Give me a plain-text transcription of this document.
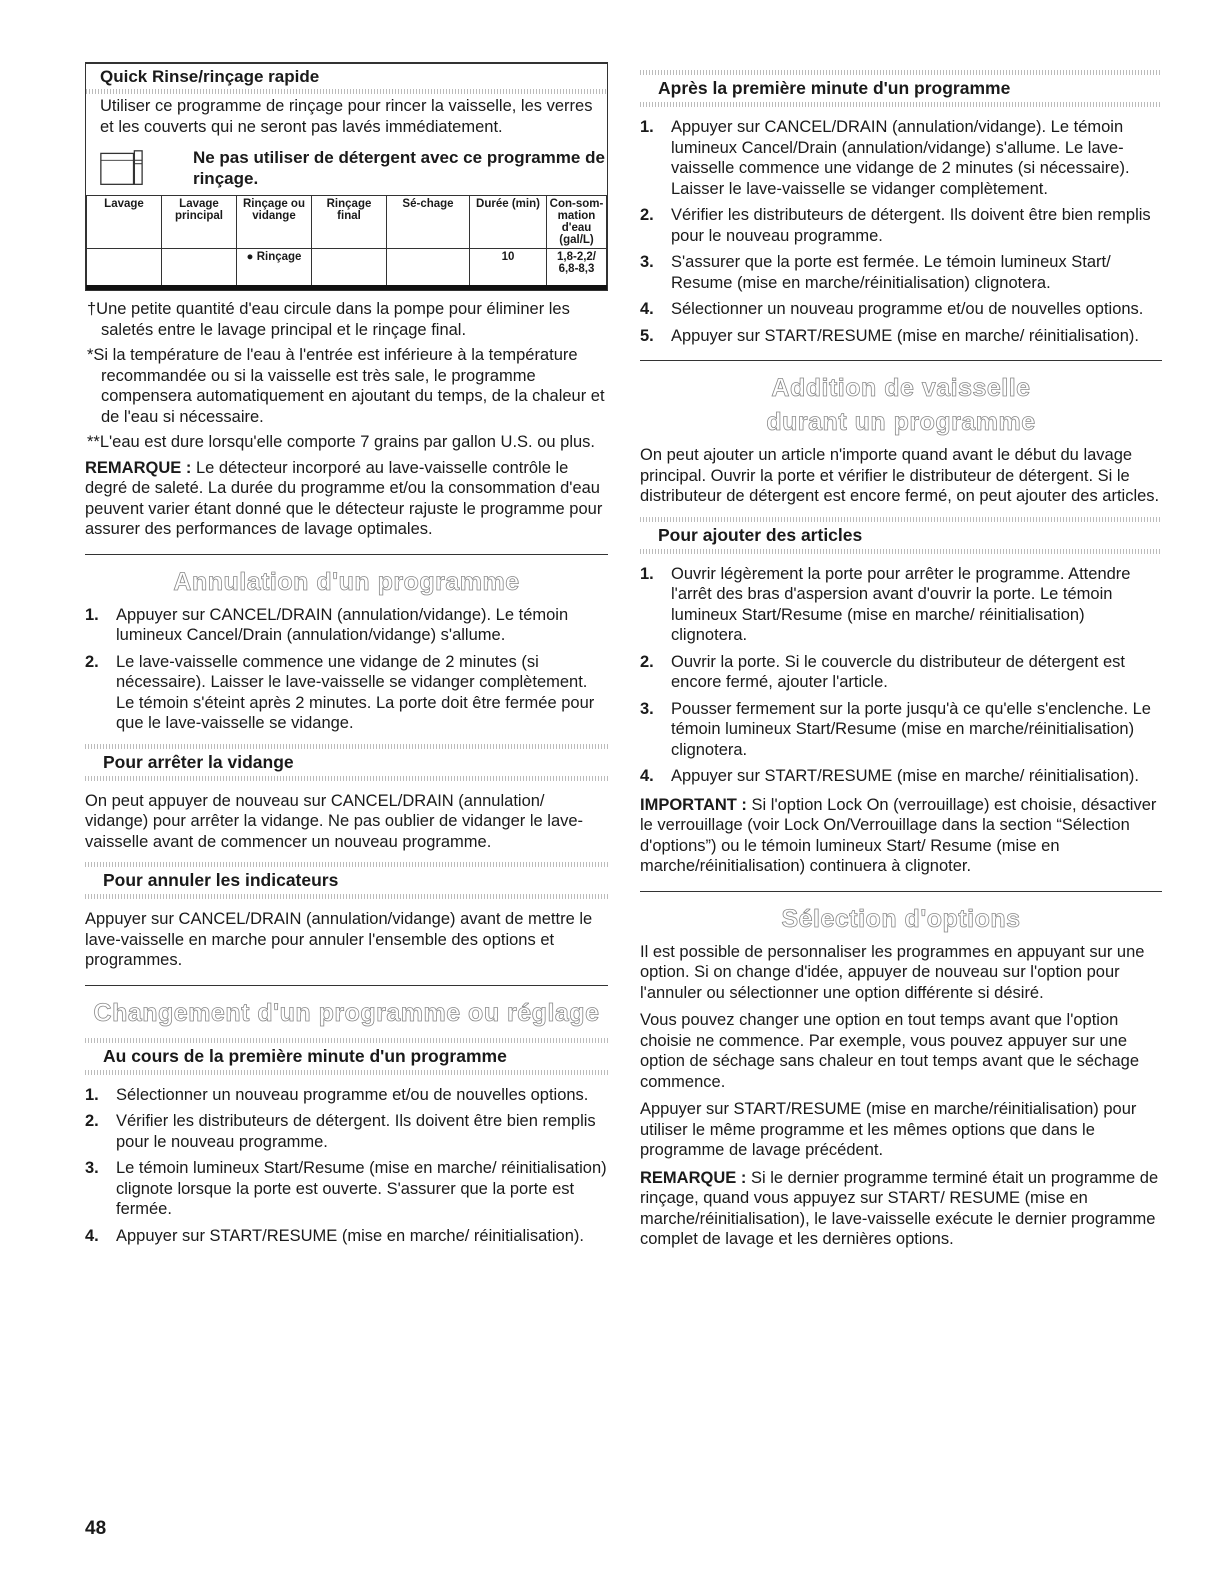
Quick Rinse/rinçage rapide
Utiliser ce programme de rinçage pour rincer la vaisselle, les verres et les couverts qui ne seront pas lavés immédiatement.
Ne pas utiliser de détergent avec ce programme de rinçage.
Lavage	Lavage principal	Rinçage ou vidange	Rinçage final	Sé-chage	Durée (min)	Con-som-mation d'eau (gal/L)
		● Rinçage			10	1,8-2,2/ 6,8-8,3

†Une petite quantité d'eau circule dans la pompe pour éliminer les saletés entre le lavage principal et le rinçage final.

*Si la température de l'eau à l'entrée est inférieure à la température recommandée ou si la vaisselle est très sale, le programme compensera automatiquement en ajoutant du temps, de la chaleur et de l'eau si nécessaire.

**L'eau est dure lorsqu'elle comporte 7 grains par gallon U.S. ou plus.

REMARQUE : Le détecteur incorporé au lave-vaisselle contrôle le degré de saleté. La durée du programme et/ou la consommation d'eau peuvent varier étant donné que le détecteur rajuste le programme pour assurer des performances de lavage optimales.

Annulation d'un programme
1. Appuyer sur CANCEL/DRAIN (annulation/vidange). Le témoin lumineux Cancel/Drain (annulation/vidange) s'allume.
2. Le lave-vaisselle commence une vidange de 2 minutes (si nécessaire). Laisser le lave-vaisselle se vidanger complètement. Le témoin s'éteint après 2 minutes. La porte doit être fermée pour que le lave-vaisselle se vidange.
Pour arrêter la vidange

On peut appuyer de nouveau sur CANCEL/DRAIN (annulation/ vidange) pour arrêter la vidange. Ne pas oublier de vidanger le lave-vaisselle avant de commencer un nouveau programme.

Pour annuler les indicateurs

Appuyer sur CANCEL/DRAIN (annulation/vidange) avant de mettre le lave-vaisselle en marche pour annuler l'ensemble des options et programmes.

Changement d'un programme ou réglage
Au cours de la première minute d'un programme
1. Sélectionner un nouveau programme et/ou de nouvelles options.
2. Vérifier les distributeurs de détergent. Ils doivent être bien remplis pour le nouveau programme.
3. Le témoin lumineux Start/Resume (mise en marche/ réinitialisation) clignote lorsque la porte est ouverte. S'assurer que la porte est fermée.
4. Appuyer sur START/RESUME (mise en marche/ réinitialisation).
Après la première minute d'un programme
1. Appuyer sur CANCEL/DRAIN (annulation/vidange). Le témoin lumineux Cancel/Drain (annulation/vidange) s'allume. Le lave-vaisselle commence une vidange de 2 minutes (si nécessaire). Laisser le lave-vaisselle se vidanger complètement.
2. Vérifier les distributeurs de détergent. Ils doivent être bien remplis pour le nouveau programme.
3. S'assurer que la porte est fermée. Le témoin lumineux Start/ Resume (mise en marche/réinitialisation) clignotera.
4. Sélectionner un nouveau programme et/ou de nouvelles options.
5. Appuyer sur START/RESUME (mise en marche/ réinitialisation).
Addition de vaisselle
durant un programme

On peut ajouter un article n'importe quand avant le début du lavage principal. Ouvrir la porte et vérifier le distributeur de détergent. Si le distributeur de détergent est encore fermé, on peut ajouter des articles.

Pour ajouter des articles
1. Ouvrir légèrement la porte pour arrêter le programme. Attendre l'arrêt des bras d'aspersion avant d'ouvrir la porte. Le témoin lumineux Start/Resume (mise en marche/ réinitialisation) clignotera.
2. Ouvrir la porte. Si le couvercle du distributeur de détergent est encore fermé, ajouter l'article.
3. Pousser fermement sur la porte jusqu'à ce qu'elle s'enclenche. Le témoin lumineux Start/Resume (mise en marche/réinitialisation) clignotera.
4. Appuyer sur START/RESUME (mise en marche/ réinitialisation).

IMPORTANT : Si l'option Lock On (verrouillage) est choisie, désactiver le verrouillage (voir Lock On/Verrouillage dans la section “Sélection d'options”) ou le témoin lumineux Start/ Resume (mise en marche/réinitialisation) continuera à clignoter.

Sélection d'options

Il est possible de personnaliser les programmes en appuyant sur une option. Si on change d'idée, appuyer de nouveau sur l'option pour l'annuler ou sélectionner une option différente si désiré.

Vous pouvez changer une option en tout temps avant que l'option choisie ne commence. Par exemple, vous pouvez appuyer sur une option de séchage sans chaleur en tout temps avant que le séchage commence.

Appuyer sur START/RESUME (mise en marche/réinitialisation) pour utiliser le même programme et les mêmes options que dans le programme de lavage précédent.

REMARQUE : Si le dernier programme terminé était un programme de rinçage, quand vous appuyez sur START/ RESUME (mise en marche/réinitialisation), le lave-vaisselle exécute le dernier programme complet de lavage et les dernières options.

48
